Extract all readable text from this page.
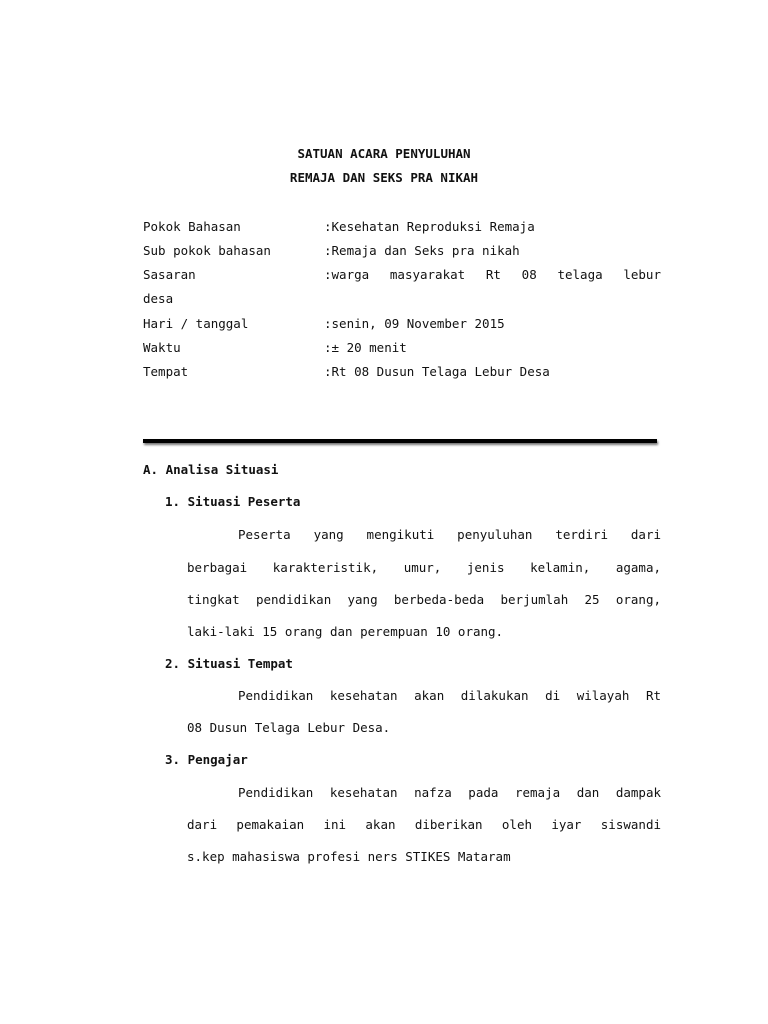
SATUAN ACARA PENYULUHAN
REMAJA DAN SEKS PRA NIKAH
Pokok Bahasan	:Kesehatan Reproduksi Remaja
Sub pokok bahasan	:Remaja dan Seks pra nikah
Sasaran	:warga masyarakat Rt 08 telaga lebur
desa
Hari / tanggal	:senin, 09 November 2015
Waktu	:± 20 menit
Tempat	:Rt 08 Dusun Telaga Lebur Desa
A. Analisa Situasi
1. Situasi Peserta
Peserta yang mengikuti penyuluhan terdiri dari
berbagai karakteristik, umur, jenis kelamin, agama,
tingkat pendidikan yang berbeda-beda berjumlah 25 orang,
laki-laki 15 orang dan perempuan 10 orang.
2. Situasi Tempat
Pendidikan kesehatan akan dilakukan di wilayah Rt
08 Dusun Telaga Lebur Desa.
3. Pengajar
Pendidikan kesehatan nafza pada remaja dan dampak
dari pemakaian ini akan diberikan oleh iyar siswandi
s.kep mahasiswa profesi ners STIKES Mataram
